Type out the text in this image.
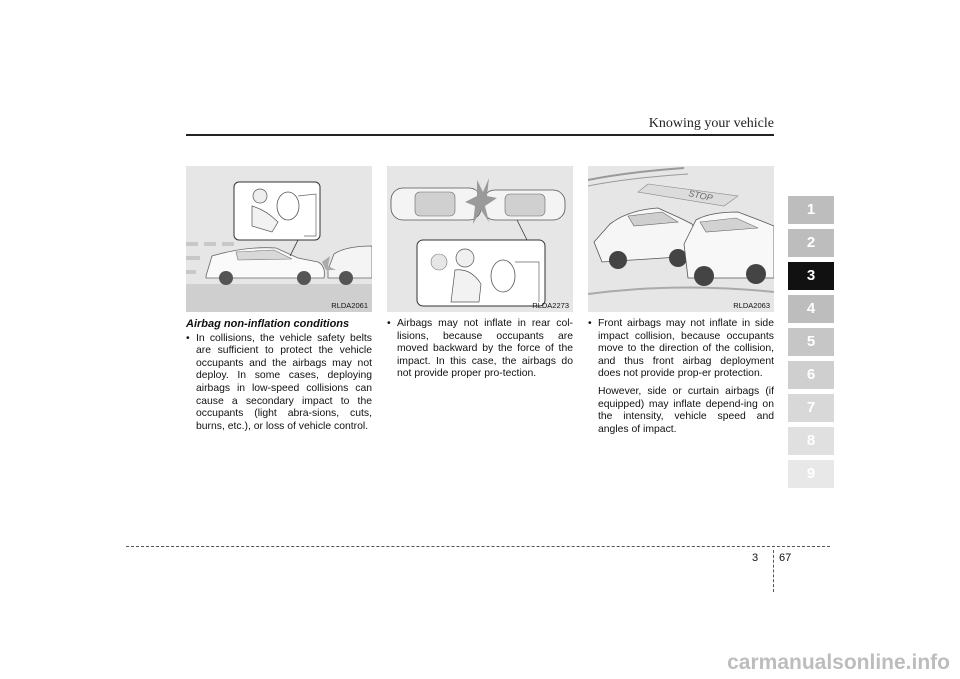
Knowing your vehicle
RLDA2061	RLDA2273
STOP
RLDA2063
Airbag non-inflation conditions

• In collisions, the vehicle safety belts are sufficient to protect the vehicle occupants and the airbags may not deploy. In some cases, deploying airbags in low-speed collisions can cause a secondary impact to the occupants (light abra-sions, cuts, burns, etc.), or loss of vehicle control.

• Airbags may not inflate in rear col-lisions, because occupants are moved backward by the force of the impact. In this case, the airbags do not provide proper pro-tection.

• Front airbags may not inflate in side impact collision, because occupants move to the direction of the collision, and thus front airbag deployment does not provide prop-er protection.

However, side or curtain airbags (if equipped) may inflate depend-ing on the intensity, vehicle speed and angles of impact.

1
2
3
4
5
6
7
8
9
3 67
carmanualsonline.info
